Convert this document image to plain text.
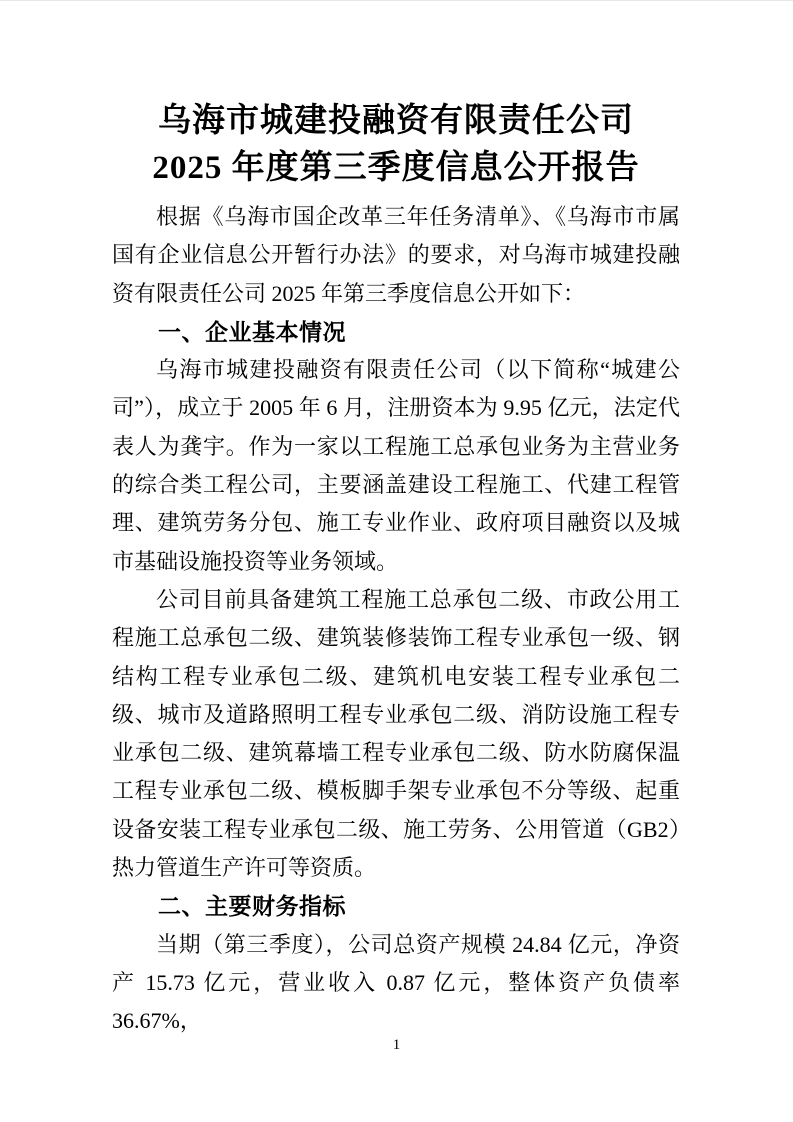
乌海市城建投融资有限责任公司
2025 年度第三季度信息公开报告

根据《乌海市国企改革三年任务清单》、《乌海市市属国有企业信息公开暂行办法》的要求，对乌海市城建投融资有限责任公司 2025 年第三季度信息公开如下：

一、企业基本情况

乌海市城建投融资有限责任公司（以下简称“城建公司”），成立于 2005 年 6 月，注册资本为 9.95 亿元，法定代表人为龚宇。作为一家以工程施工总承包业务为主营业务的综合类工程公司，主要涵盖建设工程施工、代建工程管理、建筑劳务分包、施工专业作业、政府项目融资以及城市基础设施投资等业务领域。

公司目前具备建筑工程施工总承包二级、市政公用工程施工总承包二级、建筑装修装饰工程专业承包一级、钢结构工程专业承包二级、建筑机电安装工程专业承包二级、城市及道路照明工程专业承包二级、消防设施工程专业承包二级、建筑幕墙工程专业承包二级、防水防腐保温工程专业承包二级、模板脚手架专业承包不分等级、起重设备安装工程专业承包二级、施工劳务、公用管道（GB2）热力管道生产许可等资质。

二、主要财务指标

当期（第三季度），公司总资产规模 24.84 亿元，净资产 15.73 亿元，营业收入 0.87 亿元，整体资产负债率 36.67%，

1
